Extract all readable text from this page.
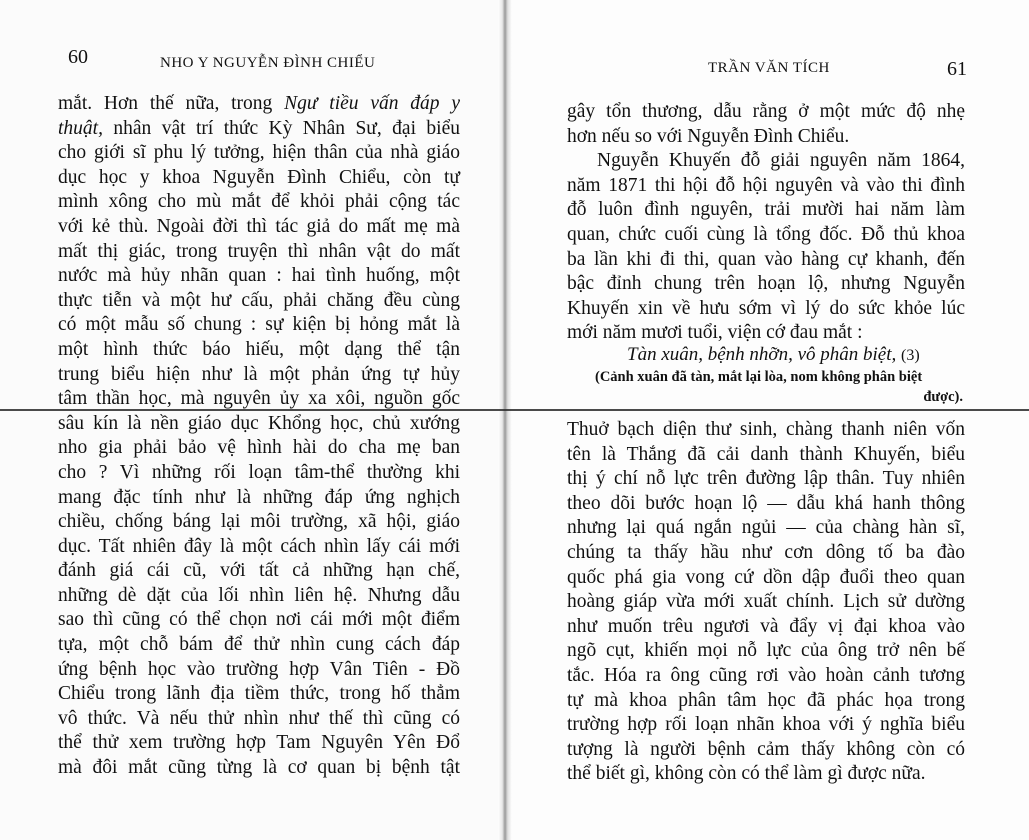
60	NHO Y NGUYỄN ĐÌNH CHIỂU
mắt. Hơn thế nữa, trong Ngư tiều vấn đáp y
thuật, nhân vật trí thức Kỳ Nhân Sư, đại biểu
cho giới sĩ phu lý tưởng, hiện thân của nhà giáo
dục học y khoa Nguyễn Đình Chiểu, còn tự
mình xông cho mù mắt để khỏi phải cộng tác
với kẻ thù. Ngoài đời thì tác giả do mất mẹ mà
mất thị giác, trong truyện thì nhân vật do mất
nước mà hủy nhãn quan : hai tình huống, một
thực tiễn và một hư cấu, phải chăng đều cùng
có một mẫu số chung : sự kiện bị hỏng mắt là
một hình thức báo hiếu, một dạng thể tận
trung biểu hiện như là một phản ứng tự hủy
tâm thần học, mà nguyên ủy xa xôi, nguồn gốc
sâu kín là nền giáo dục Khổng học, chủ xướng
nho gia phải bảo vệ hình hài do cha mẹ ban
cho ? Vì những rối loạn tâm-thể thường khi
mang đặc tính như là những đáp ứng nghịch
chiều, chống báng lại môi trường, xã hội, giáo
dục. Tất nhiên đây là một cách nhìn lấy cái mới
đánh giá cái cũ, với tất cả những hạn chế,
những dè dặt của lối nhìn liên hệ. Nhưng dẫu
sao thì cũng có thể chọn nơi cái mới một điểm
tựa, một chỗ bám để thử nhìn cung cách đáp
ứng bệnh học vào trường hợp Vân Tiên - Đồ
Chiểu trong lãnh địa tiềm thức, trong hố thẳm
vô thức. Và nếu thử nhìn như thế thì cũng có
thể thử xem trường hợp Tam Nguyên Yên Đổ
mà đôi mắt cũng từng là cơ quan bị bệnh tật
TRẦN VĂN TÍCH	61
gây tổn thương, dẫu rằng ở một mức độ nhẹ
hơn nếu so với Nguyễn Đình Chiểu.
Nguyễn Khuyến đỗ giải nguyên năm 1864,
năm 1871 thi hội đỗ hội nguyên và vào thi đình
đỗ luôn đình nguyên, trải mười hai năm làm
quan, chức cuối cùng là tổng đốc. Đỗ thủ khoa
ba lần khi đi thi, quan vào hàng cự khanh, đến
bậc đỉnh chung trên hoạn lộ, nhưng Nguyễn
Khuyến xin về hưu sớm vì lý do sức khỏe lúc
mới năm mươi tuổi, viện cớ đau mắt :
Tàn xuân, bệnh nhỡn, vô phân biệt, (3)
(Cảnh xuân đã tàn, mắt lại lòa, nom không phân biệt
được).
Thuở bạch diện thư sinh, chàng thanh niên vốn
tên là Thắng đã cải danh thành Khuyến, biểu
thị ý chí nỗ lực trên đường lập thân. Tuy nhiên
theo dõi bước hoạn lộ — dẫu khá hanh thông
nhưng lại quá ngắn ngủi — của chàng hàn sĩ,
chúng ta thấy hầu như cơn dông tố ba đào
quốc phá gia vong cứ dồn dập đuổi theo quan
hoàng giáp vừa mới xuất chính. Lịch sử dường
như muốn trêu ngươi và đẩy vị đại khoa vào
ngõ cụt, khiến mọi nỗ lực của ông trở nên bế
tắc. Hóa ra ông cũng rơi vào hoàn cảnh tương
tự mà khoa phân tâm học đã phác họa trong
trường hợp rối loạn nhãn khoa với ý nghĩa biểu
tượng là người bệnh cảm thấy không còn có
thể biết gì, không còn có thể làm gì được nữa.
